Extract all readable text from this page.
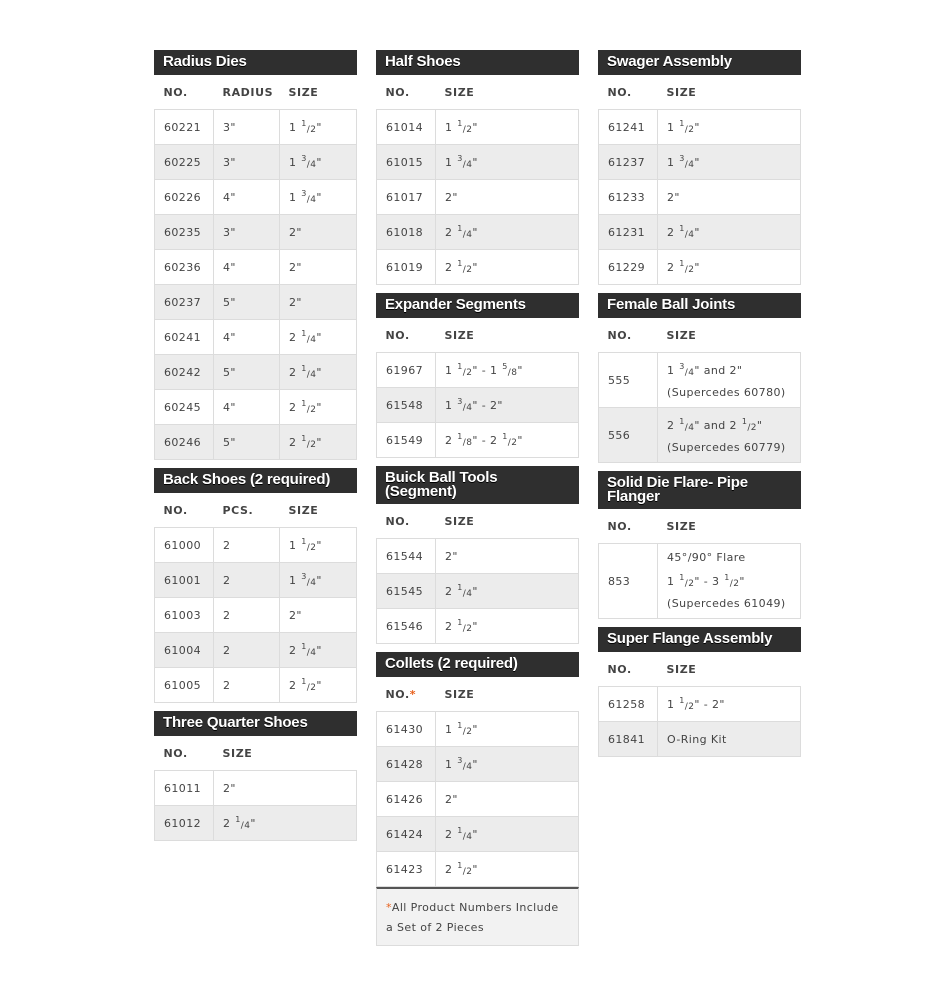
Radius Dies
NO.	RADIUS	SIZE
60221	3"	1 $^1$/2"
60225	3"	1 $^3$/4"
60226	4"	1 $^3$/4"
60235	3"	2"
60236	4"	2"
60237	5"	2"
60241	4"	2 $^1$/4"
60242	5"	2 $^1$/4"
60245	4"	2 $^1$/2"
60246	5"	2 $^1$/2"
Back Shoes (2 required)
NO.	PCS.	SIZE
61000	2	1 $^1$/2"
61001	2	1 $^3$/4"
61003	2	2"
61004	2	2 $^1$/4"
61005	2	2 $^1$/2"
Three Quarter Shoes
NO.	SIZE
61011	2"
61012	2 $^1$/4"
Half Shoes
NO.	SIZE
61014	1 $^1$/2"
61015	1 $^3$/4"
61017	2"
61018	2 $^1$/4"
61019	2 $^1$/2"
Expander Segments
NO.	SIZE
61967	1 $^1$/2" - 1 $^5$/8"
61548	1 $^3$/4" - 2"
61549	2 $^1$/8" - 2 $^1$/2"
Buick Ball Tools (Segment)
NO.	SIZE
61544	2"
61545	2 $^1$/4"
61546	2 $^1$/2"
Collets (2 required)
NO.*	SIZE
61430	1 $^1$/2"
61428	1 $^3$/4"
61426	2"
61424	2 $^1$/4"
61423	2 $^1$/2"
*All Product Numbers Include a Set of 2 Pieces
Swager Assembly
NO.	SIZE
61241	1 $^1$/2"
61237	1 $^3$/4"
61233	2"
61231	2 $^1$/4"
61229	2 $^1$/2"
Female Ball Joints
NO.	SIZE
555	1 $^3$/4" and 2"
(Supercedes 60780)

556	2 $^1$/4" and 2 $^1$/2"
(Supercedes 60779)
Solid Die Flare- Pipe Flanger
NO.	SIZE
853	45°/90° Flare
1 $^1$/2" - 3 $^1$/2"
(Supercedes 61049)
Super Flange Assembly
NO.	SIZE
61258	1 $^1$/2" - 2"
61841	O-Ring Kit
